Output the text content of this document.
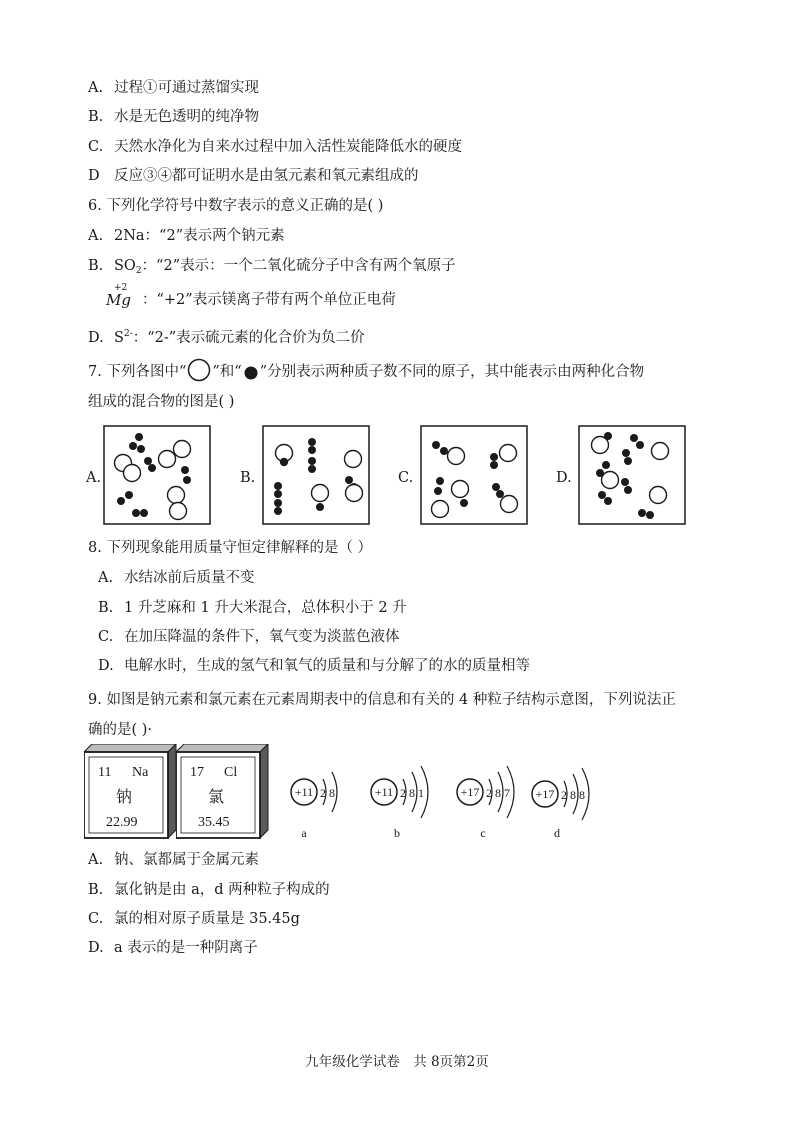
A. 过程①可通过蒸馏实现
B. 水是无色透明的纯净物
C. 天然水净化为自来水过程中加入活性炭能降低水的硬度
D 反应③④都可证明水是由氢元素和氧元素组成的
6. 下列化学符号中数字表示的意义正确的是( )
A. 2Na：“2”表示两个钠元素
B. $SO_2$：“2”表示：一个二氧化硫分子中含有两个氧原子
+2
Mg ：“+2”表示镁离子带有两个单位正电荷
D. $S^{2-}$：“2-”表示硫元素的化合价为负二价
7. 下列各图中“ ”和“ ”分别表示两种质子数不同的原子，其中能表示由两种化合物
组成的混合物的图是( )
A.	B.	C.	D.
8. 下列现象能用质量守恒定律解释的是（ ）
A. 水结冰前后质量不变
B. 1 升芝麻和 1 升大米混合，总体积小于 2 升
C. 在加压降温的条件下，氧气变为淡蓝色液体
D. 电解水时，生成的氢气和氧气的质量和与分解了的水的质量相等
9. 如图是钠元素和氯元素在元素周期表中的信息和有关的 4 种粒子结构示意图，下列说法正
确的是( )·
11 Na
钠
22.99
17 Cl
氯
35.45
+11 2 8
a
+11 2 8 1
b
+17 2 8 7
c
+17 2 8 8
d
A. 钠、氯都属于金属元素
B. 氯化钠是由 a，d 两种粒子构成的
C. 氯的相对原子质量是 35.45g
D. a 表示的是一种阴离子
九年级化学试卷　共 8页第2页
